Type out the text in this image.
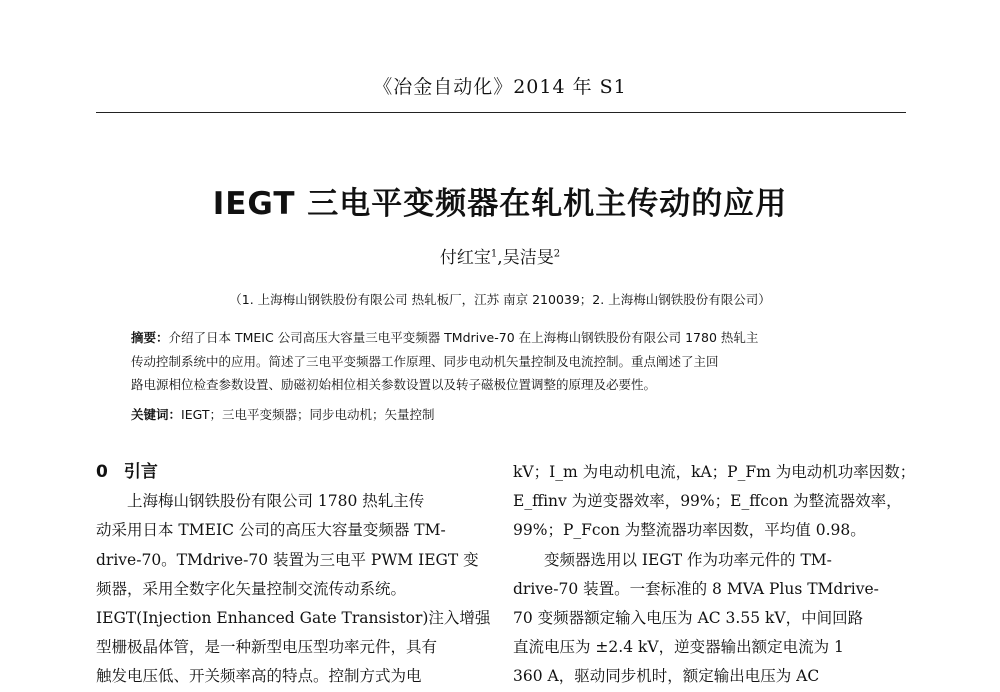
《冶金自动化》2014 年 S1
IEGT 三电平变频器在轧机主传动的应用
付红宝$^1$,吴洁旻$^2$
（1. 上海梅山钢铁股份有限公司 热轧板厂，江苏 南京 210039；2. 上海梅山钢铁股份有限公司）
摘要：介绍了日本 TMEIC 公司高压大容量三电平变频器 TMdrive-70 在上海梅山钢铁股份有限公司 1780 热轧主
传动控制系统中的应用。简述了三电平变频器工作原理、同步电动机矢量控制及电流控制。重点阐述了主回
路电源相位检查参数设置、励磁初始相位相关参数设置以及转子磁极位置调整的原理及必要性。
关键词：IEGT；三电平变频器；同步电动机；矢量控制
0 引言
上海梅山钢铁股份有限公司 1780 热轧主传
动采用日本 TMEIC 公司的高压大容量变频器 TM-
drive-70。TMdrive-70 装置为三电平 PWM IEGT 变
频器，采用全数字化矢量控制交流传动系统。
IEGT(Injection Enhanced Gate Transistor)注入增强
型栅极晶体管，是一种新型电压型功率元件，具有
触发电压低、开关频率高的特点。控制方式为电
kV；I_m 为电动机电流，kA；P_Fm 为电动机功率因数；
E_ffinv 为逆变器效率，99%；E_ffcon 为整流器效率，
99%；P_Fcon 为整流器功率因数，平均值 0.98。
变频器选用以 IEGT 作为功率元件的 TM-
drive-70 装置。一套标准的 8 MVA Plus TMdrive-
70 变频器额定输入电压为 AC 3.55 kV，中间回路
直流电压为 ±2.4 kV，逆变器输出额定电流为 1
360 A，驱动同步机时，额定输出电压为 AC
